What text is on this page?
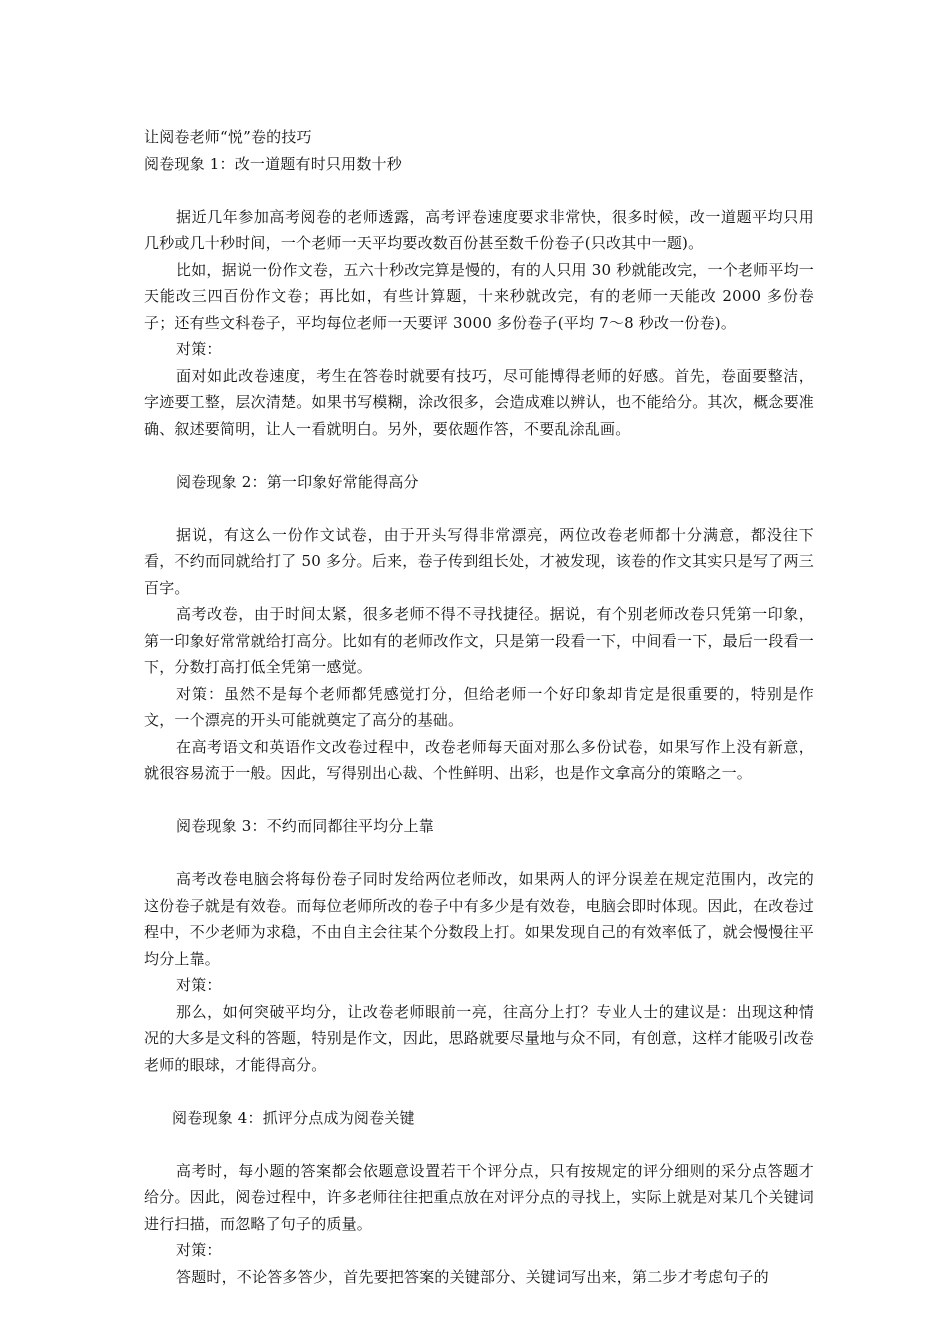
让阅卷老师“悦”卷的技巧

阅卷现象 1：改一道题有时只用数十秒

据近几年参加高考阅卷的老师透露，高考评卷速度要求非常快，很多时候，改一道题平均只用几秒或几十秒时间，一个老师一天平均要改数百份甚至数千份卷子(只改其中一题)。

比如，据说一份作文卷，五六十秒改完算是慢的，有的人只用 30 秒就能改完，一个老师平均一天能改三四百份作文卷；再比如，有些计算题，十来秒就改完，有的老师一天能改 2000 多份卷子；还有些文科卷子，平均每位老师一天要评 3000 多份卷子(平均 7～8 秒改一份卷)。

对策：

面对如此改卷速度，考生在答卷时就要有技巧，尽可能博得老师的好感。首先，卷面要整洁，字迹要工整，层次清楚。如果书写模糊，涂改很多，会造成难以辨认，也不能给分。其次，概念要准确、叙述要简明，让人一看就明白。另外，要依题作答，不要乱涂乱画。

阅卷现象 2：第一印象好常能得高分

据说，有这么一份作文试卷，由于开头写得非常漂亮，两位改卷老师都十分满意，都没往下看，不约而同就给打了 50 多分。后来，卷子传到组长处，才被发现，该卷的作文其实只是写了两三百字。

高考改卷，由于时间太紧，很多老师不得不寻找捷径。据说，有个别老师改卷只凭第一印象，第一印象好常常就给打高分。比如有的老师改作文，只是第一段看一下，中间看一下，最后一段看一下，分数打高打低全凭第一感觉。

对策：虽然不是每个老师都凭感觉打分，但给老师一个好印象却肯定是很重要的，特别是作文，一个漂亮的开头可能就奠定了高分的基础。

在高考语文和英语作文改卷过程中，改卷老师每天面对那么多份试卷，如果写作上没有新意，就很容易流于一般。因此，写得别出心裁、个性鲜明、出彩，也是作文拿高分的策略之一。

阅卷现象 3：不约而同都往平均分上靠

高考改卷电脑会将每份卷子同时发给两位老师改，如果两人的评分误差在规定范围内，改完的这份卷子就是有效卷。而每位老师所改的卷子中有多少是有效卷，电脑会即时体现。因此，在改卷过程中，不少老师为求稳，不由自主会往某个分数段上打。如果发现自己的有效率低了，就会慢慢往平均分上靠。

对策：

那么，如何突破平均分，让改卷老师眼前一亮，往高分上打？专业人士的建议是：出现这种情况的大多是文科的答题，特别是作文，因此，思路就要尽量地与众不同，有创意，这样才能吸引改卷老师的眼球，才能得高分。

阅卷现象 4：抓评分点成为阅卷关键

高考时，每小题的答案都会依题意设置若干个评分点，只有按规定的评分细则的采分点答题才给分。因此，阅卷过程中，许多老师往往把重点放在对评分点的寻找上，实际上就是对某几个关键词进行扫描，而忽略了句子的质量。

对策：

答题时，不论答多答少，首先要把答案的关键部分、关键词写出来，第二步才考虑句子的
